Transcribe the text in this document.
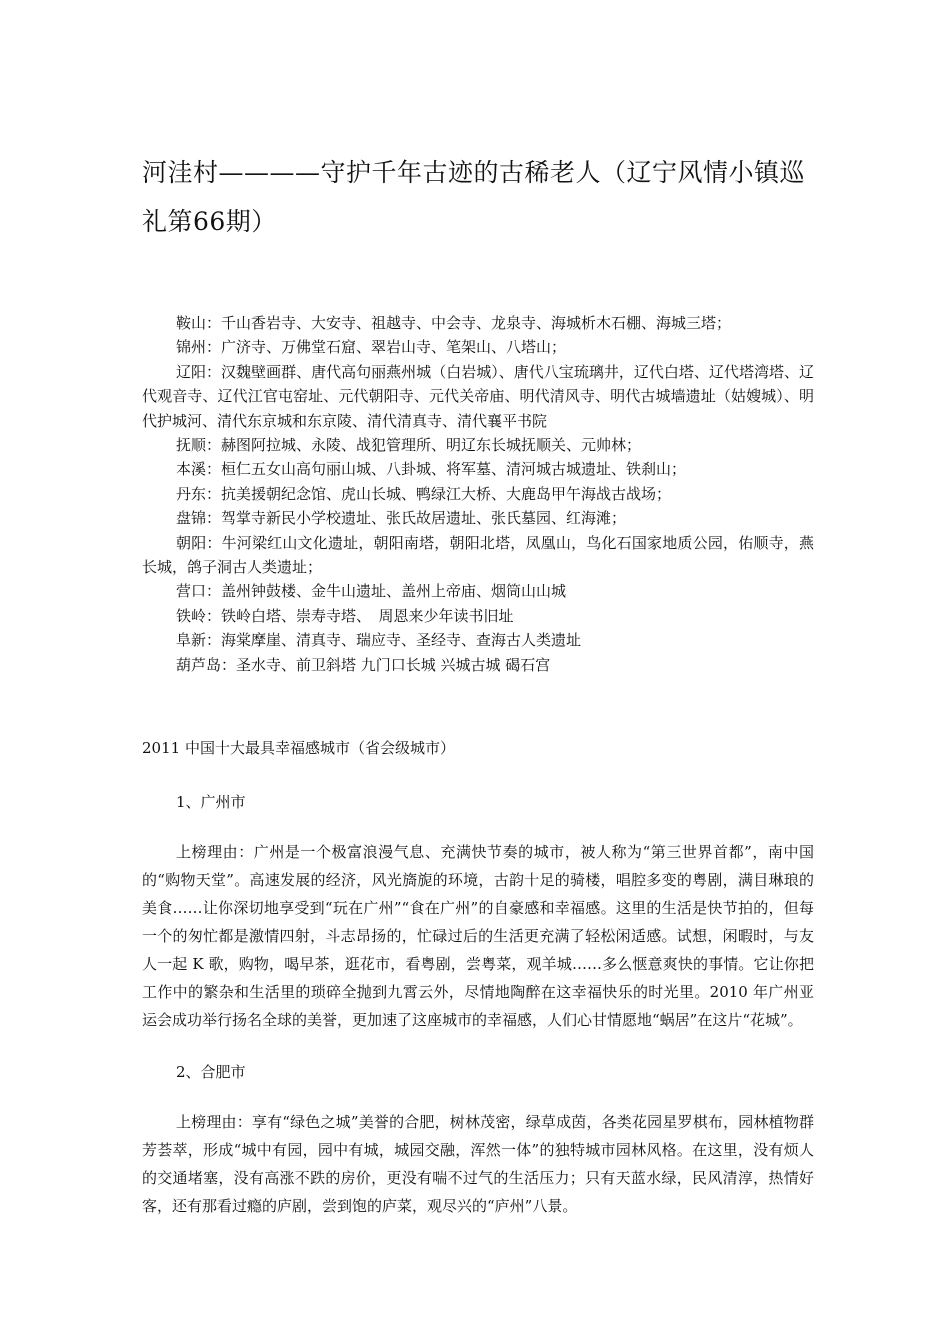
河洼村————守护千年古迹的古稀老人（辽宁风情小镇巡礼第66期）

鞍山：千山香岩寺、大安寺、祖越寺、中会寺、龙泉寺、海城析木石棚、海城三塔；

锦州：广济寺、万佛堂石窟、翠岩山寺、笔架山、八塔山；

辽阳：汉魏壁画群、唐代高句丽燕州城（白岩城）、唐代八宝琉璃井，辽代白塔、辽代塔湾塔、辽代观音寺、辽代江官屯窑址、元代朝阳寺、元代关帝庙、明代清风寺、明代古城墙遗址（姑嫂城）、明代护城河、清代东京城和东京陵、清代清真寺、清代襄平书院

抚顺：赫图阿拉城、永陵、战犯管理所、明辽东长城抚顺关、元帅林；

本溪：桓仁五女山高句丽山城、八卦城、将军墓、清河城古城遗址、铁刹山；

丹东：抗美援朝纪念馆、虎山长城、鸭绿江大桥、大鹿岛甲午海战古战场；

盘锦：驾掌寺新民小学校遗址、张氏故居遗址、张氏墓园、红海滩；

朝阳：牛河梁红山文化遗址，朝阳南塔，朝阳北塔，凤凰山，鸟化石国家地质公园，佑顺寺，燕长城，鸽子洞古人类遗址；

营口：盖州钟鼓楼、金牛山遗址、盖州上帝庙、烟筒山山城

铁岭：铁岭白塔、崇寿寺塔、　周恩来少年读书旧址

阜新：海棠摩崖、清真寺、瑞应寺、圣经寺、查海古人类遗址

葫芦岛：圣水寺、前卫斜塔 九门口长城 兴城古城 碣石宫

2011 中国十大最具幸福感城市（省会级城市）
1、广州市

上榜理由：广州是一个极富浪漫气息、充满快节奏的城市，被人称为“第三世界首都”，南中国的“购物天堂”。高速发展的经济，风光旖旎的环境，古韵十足的骑楼，唱腔多变的粤剧，满目琳琅的美食……让你深切地享受到“玩在广州”“食在广州”的自豪感和幸福感。这里的生活是快节拍的，但每一个的匆忙都是激情四射，斗志昂扬的，忙碌过后的生活更充满了轻松闲适感。试想，闲暇时，与友人一起 K 歌，购物，喝早茶，逛花市，看粤剧，尝粤菜，观羊城……多么惬意爽快的事情。它让你把工作中的繁杂和生活里的琐碎全抛到九霄云外，尽情地陶醉在这幸福快乐的时光里。2010 年广州亚运会成功举行扬名全球的美誉，更加速了这座城市的幸福感，人们心甘情愿地“蜗居”在这片“花城”。

2、合肥市

上榜理由：享有“绿色之城”美誉的合肥，树林茂密，绿草成茵，各类花园星罗棋布，园林植物群芳荟萃，形成“城中有园，园中有城，城园交融，浑然一体”的独特城市园林风格。在这里，没有烦人的交通堵塞，没有高涨不跌的房价，更没有喘不过气的生活压力；只有天蓝水绿，民风清淳，热情好客，还有那看过瘾的庐剧，尝到饱的庐菜，观尽兴的“庐州”八景。
